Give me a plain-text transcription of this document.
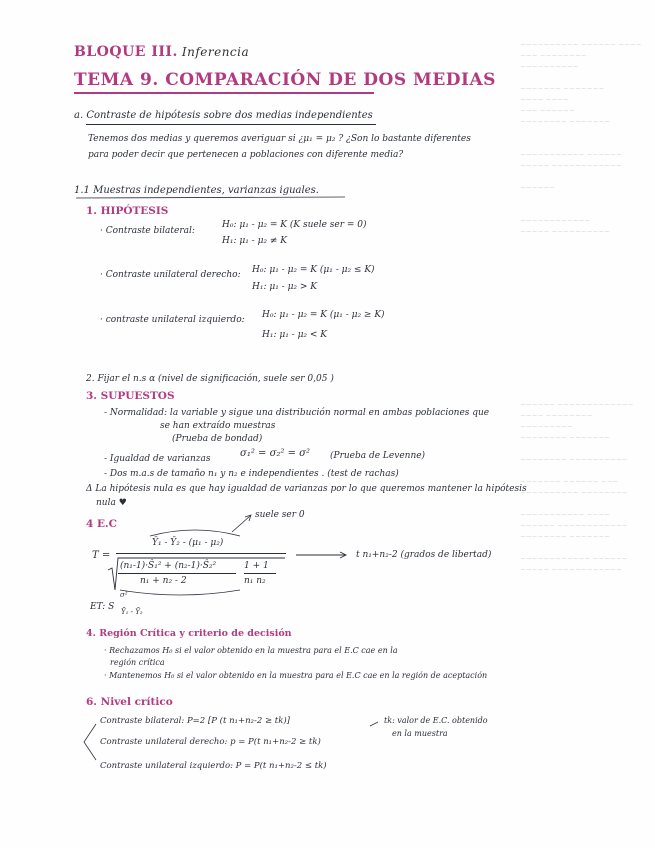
~~~~~~~~~~ ~~~~~~ ~~~~
~~~ ~~~~~~~~ ~~~~~~~~~~

~~~~~~~ ~~~~~~~
~~~~ ~~~~
~~~ ~~~~~~
~~~~~~~~ ~~~~~~~

~~~~~~~~~~~ ~~~~~~
~~~~~ ~~~~~~~~~~~~

~~~~~~

~~~~~~~~~~~~
~~~~~ ~~~~~~~~~~
~~~~~~ ~~~~~~~~~~~~~
~~~~ ~~~~~~~~ ~~~~~~~~~
~~~~~~~~ ~~~~~~~

~~~~~~~~ ~~~~~~~~~~

~~~~~~~ ~~~~~~ ~~~
~~~~~~~~~~ ~~~~~~~~

~~~~~~~~~~~ ~~~~
~~~~~~ ~~~~~~~~~~~~
~~~~~~~~ ~~~~~~~

~~~~~~~~~~~~ ~~~~~~
~~~~~ ~~~~~~~~~~~~
BLOQUE III. Inferencia
TEMA 9. COMPARACIÓN DE DOS MEDIAS
a. Contraste de hipótesis sobre dos medias independientes
Tenemos dos medias y queremos averiguar si ¿μ₁ = μ₂ ? ¿Son lo bastante diferentes
para poder decir que pertenecen a poblaciones con diferente media?
1.1 Muestras independientes, varianzas iguales.
1. HIPÓTESIS
· Contraste bilateral:
H₀: μ₁ - μ₂ = K (K suele ser = 0)
H₁: μ₁ - μ₂ ≠ K
· Contraste unilateral derecho: H₀: μ₁ - μ₂ = K (μ₁ - μ₂ ≤ K)
H₁: μ₁ - μ₂ > K
· contraste unilateral izquierdo: H₀: μ₁ - μ₂ = K (μ₁ - μ₂ ≥ K)
H₁: μ₁ - μ₂ < K
2. Fijar el n.s α (nivel de significación, suele ser 0,05 )
3. SUPUESTOS
- Normalidad: la variable y sigue una distribución normal en ambas poblaciones que
se han extraído muestras
(Prueba de bondad)
- Igualdad de varianzas	σ₁² = σ₂² = σ² (Prueba de Levenne)
- Dos m.a.s de tamaño n₁ y n₂ e independientes . (test de rachas)
Δ La hipótesis nula es que hay igualdad de varianzas por lo que queremos mantener la hipótesis
nula ♥
4 E.C
suele ser 0
T =
Ȳ₁ - Ȳ₂ - (μ₁ - μ₂)
(n₁-1)·Ŝ₁² + (n₂-1)·Ŝ₂²
n₁ + n₂ - 2
1 + 1
n₁ n₂
t n₁+n₂-2 (grados de libertad)
σ²
ET: S Ȳ₁ - Ȳ₂
4. Región Crítica y criterio de decisión
· Rechazamos H₀ si el valor obtenido en la muestra para el E.C cae en la
región crítica
· Mantenemos H₀ si el valor obtenido en la muestra para el E.C cae en la región de aceptación
6. Nivel crítico
Contraste bilateral: P=2 [P (t n₁+n₂-2 ≥ tk)]
Contraste unilateral derecho: p = P(t n₁+n₂-2 ≥ tk)
Contraste unilateral izquierdo: P = P(t n₁+n₂-2 ≤ tk)
tk: valor de E.C. obtenido
en la muestra
